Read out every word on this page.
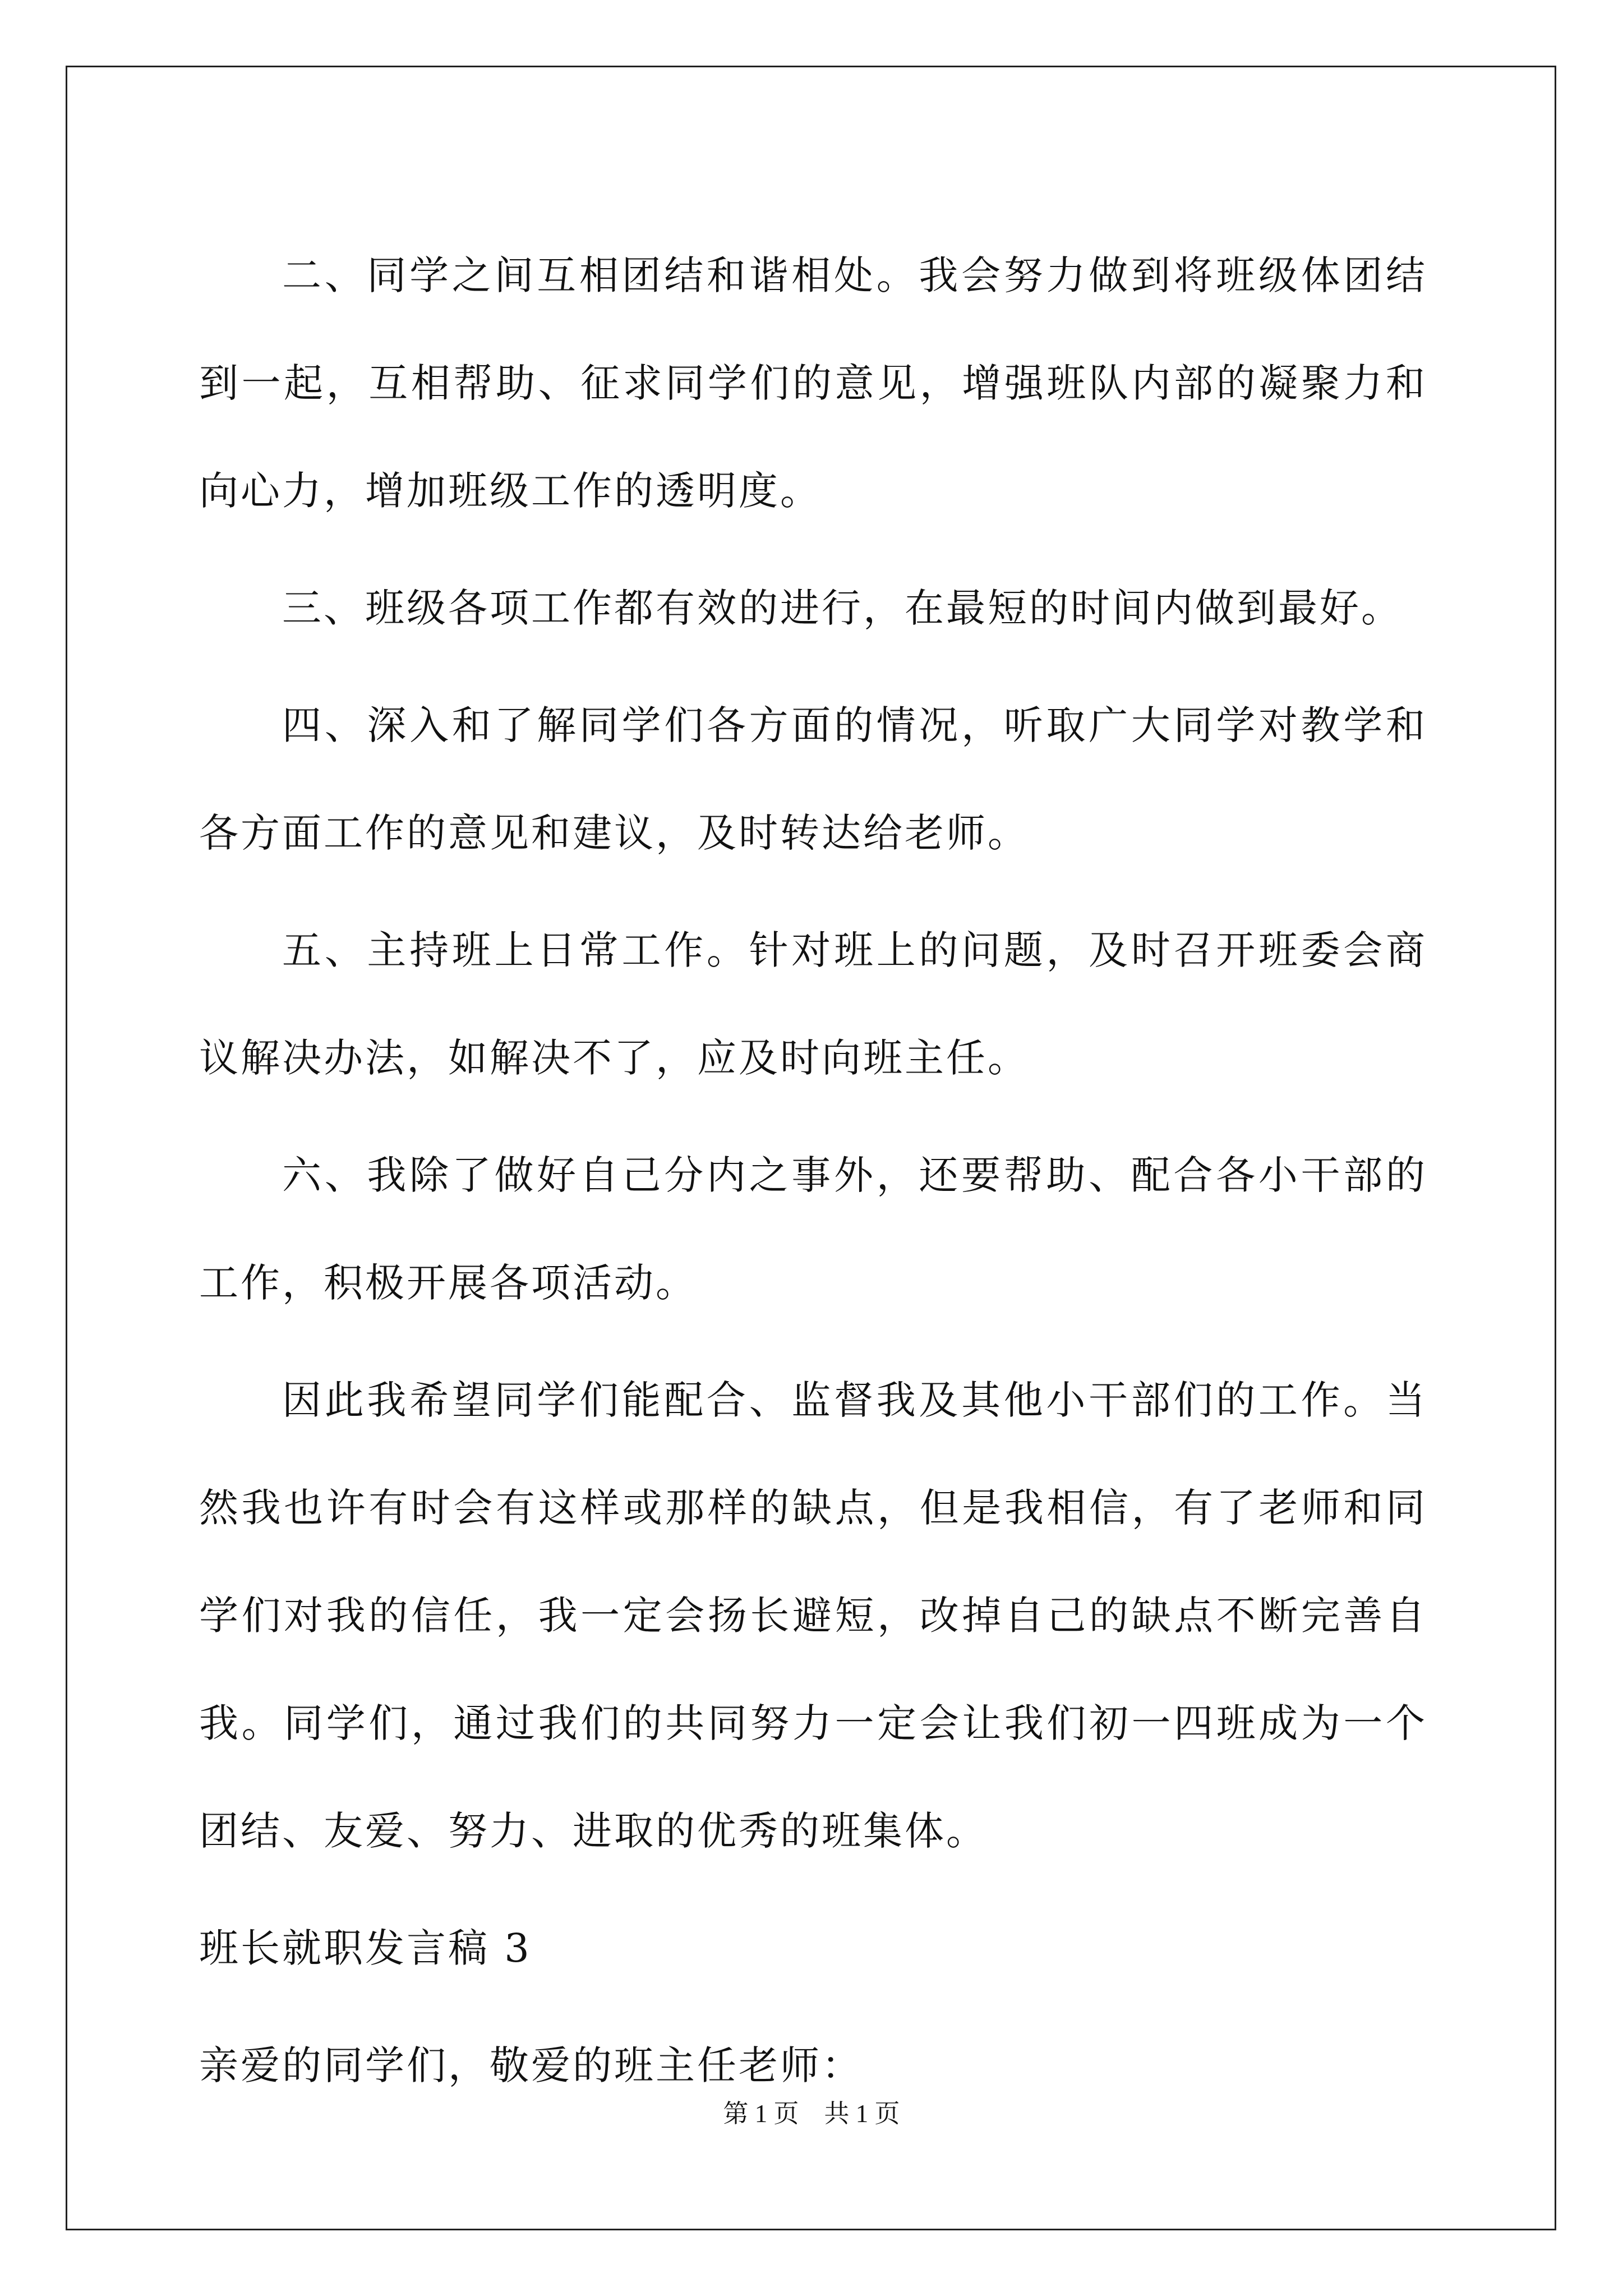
二、同学之间互相团结和谐相处。我会努力做到将班级体团结到一起，互相帮助、征求同学们的意见，增强班队内部的凝聚力和向心力，增加班级工作的透明度。

三、班级各项工作都有效的进行，在最短的时间内做到最好。

四、深入和了解同学们各方面的情况，听取广大同学对教学和各方面工作的意见和建议，及时转达给老师。

五、主持班上日常工作。针对班上的问题，及时召开班委会商议解决办法，如解决不了，应及时向班主任。

六、我除了做好自己分内之事外，还要帮助、配合各小干部的工作，积极开展各项活动。

因此我希望同学们能配合、监督我及其他小干部们的工作。当然我也许有时会有这样或那样的缺点，但是我相信，有了老师和同学们对我的信任，我一定会扬长避短，改掉自己的缺点不断完善自我。同学们，通过我们的共同努力一定会让我们初一四班成为一个团结、友爱、努力、进取的优秀的班集体。

班长就职发言稿 3

亲爱的同学们，敬爱的班主任老师：

第 1 页　共 1 页
